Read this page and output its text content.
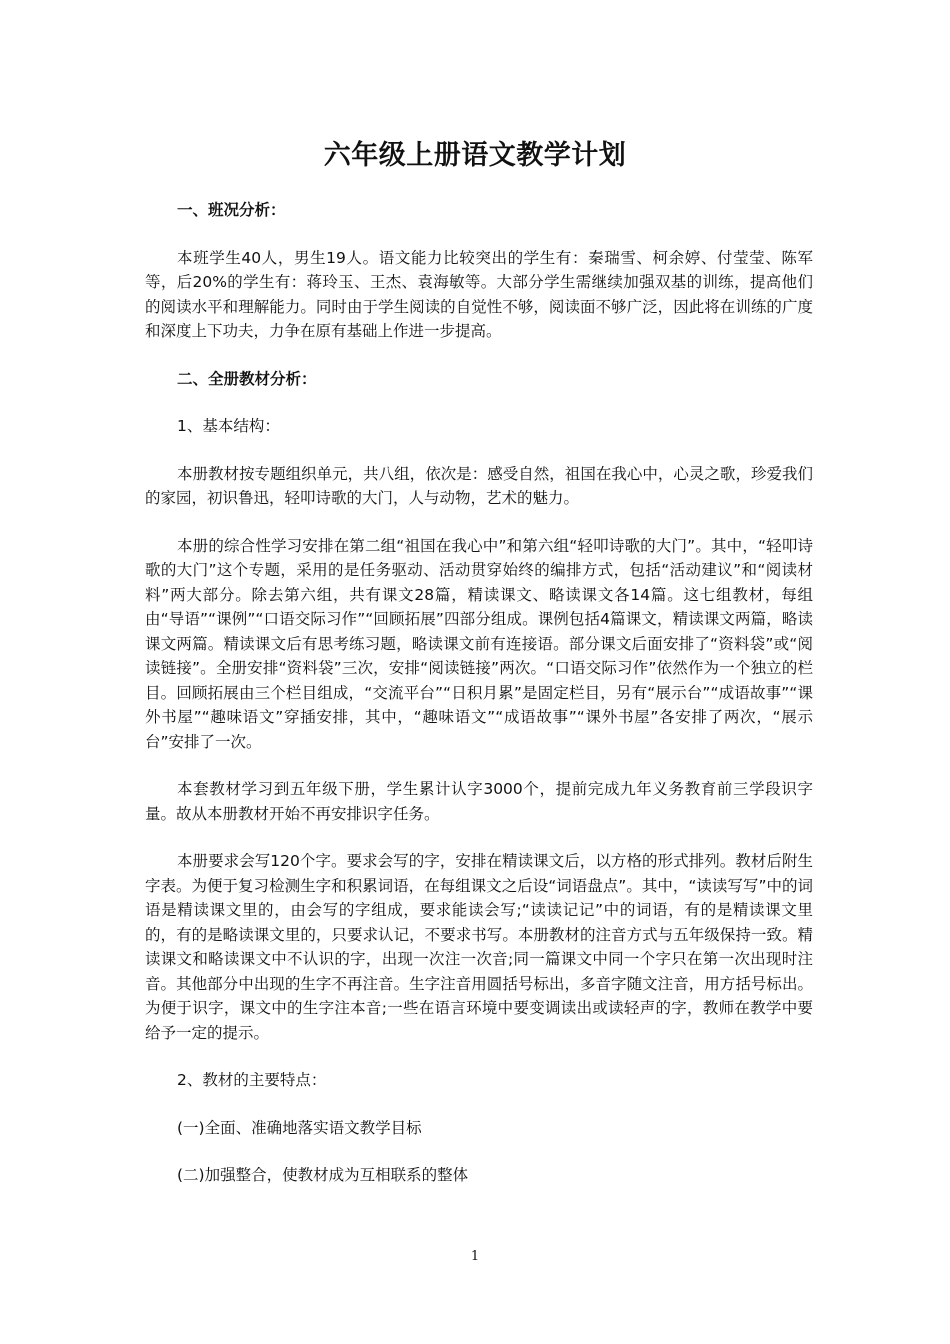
六年级上册语文教学计划

一、班况分析：

本班学生40人，男生19人。语文能力比较突出的学生有：秦瑞雪、柯余婷、付莹莹、陈军等，后20%的学生有：蒋玲玉、王杰、袁海敏等。大部分学生需继续加强双基的训练，提高他们的阅读水平和理解能力。同时由于学生阅读的自觉性不够，阅读面不够广泛，因此将在训练的广度和深度上下功夫，力争在原有基础上作进一步提高。

二、全册教材分析：

1、基本结构：

本册教材按专题组织单元，共八组，依次是：感受自然，祖国在我心中，心灵之歌，珍爱我们的家园，初识鲁迅，轻叩诗歌的大门，人与动物，艺术的魅力。

本册的综合性学习安排在第二组“祖国在我心中”和第六组“轻叩诗歌的大门”。其中，“轻叩诗歌的大门”这个专题，采用的是任务驱动、活动贯穿始终的编排方式，包括“活动建议”和“阅读材料”两大部分。除去第六组，共有课文28篇，精读课文、略读课文各14篇。这七组教材，每组由“导语”“课例”“口语交际习作”“回顾拓展”四部分组成。课例包括4篇课文，精读课文两篇，略读课文两篇。精读课文后有思考练习题，略读课文前有连接语。部分课文后面安排了“资料袋”或“阅读链接”。全册安排“资料袋”三次，安排“阅读链接”两次。“口语交际习作”依然作为一个独立的栏目。回顾拓展由三个栏目组成，“交流平台”“日积月累”是固定栏目，另有“展示台”“成语故事”“课外书屋”“趣味语文”穿插安排，其中，“趣味语文”“成语故事”“课外书屋”各安排了两次，“展示台”安排了一次。

本套教材学习到五年级下册，学生累计认字3000个，提前完成九年义务教育前三学段识字量。故从本册教材开始不再安排识字任务。

本册要求会写120个字。要求会写的字，安排在精读课文后，以方格的形式排列。教材后附生字表。为便于复习检测生字和积累词语，在每组课文之后设“词语盘点”。其中，“读读写写”中的词语是精读课文里的，由会写的字组成，要求能读会写;“读读记记”中的词语，有的是精读课文里的，有的是略读课文里的，只要求认记，不要求书写。本册教材的注音方式与五年级保持一致。精读课文和略读课文中不认识的字，出现一次注一次音;同一篇课文中同一个字只在第一次出现时注音。其他部分中出现的生字不再注音。生字注音用圆括号标出，多音字随文注音，用方括号标出。为便于识字，课文中的生字注本音;一些在语言环境中要变调读出或读轻声的字，教师在教学中要给予一定的提示。

2、教材的主要特点：

(一)全面、准确地落实语文教学目标

(二)加强整合，使教材成为互相联系的整体

1
